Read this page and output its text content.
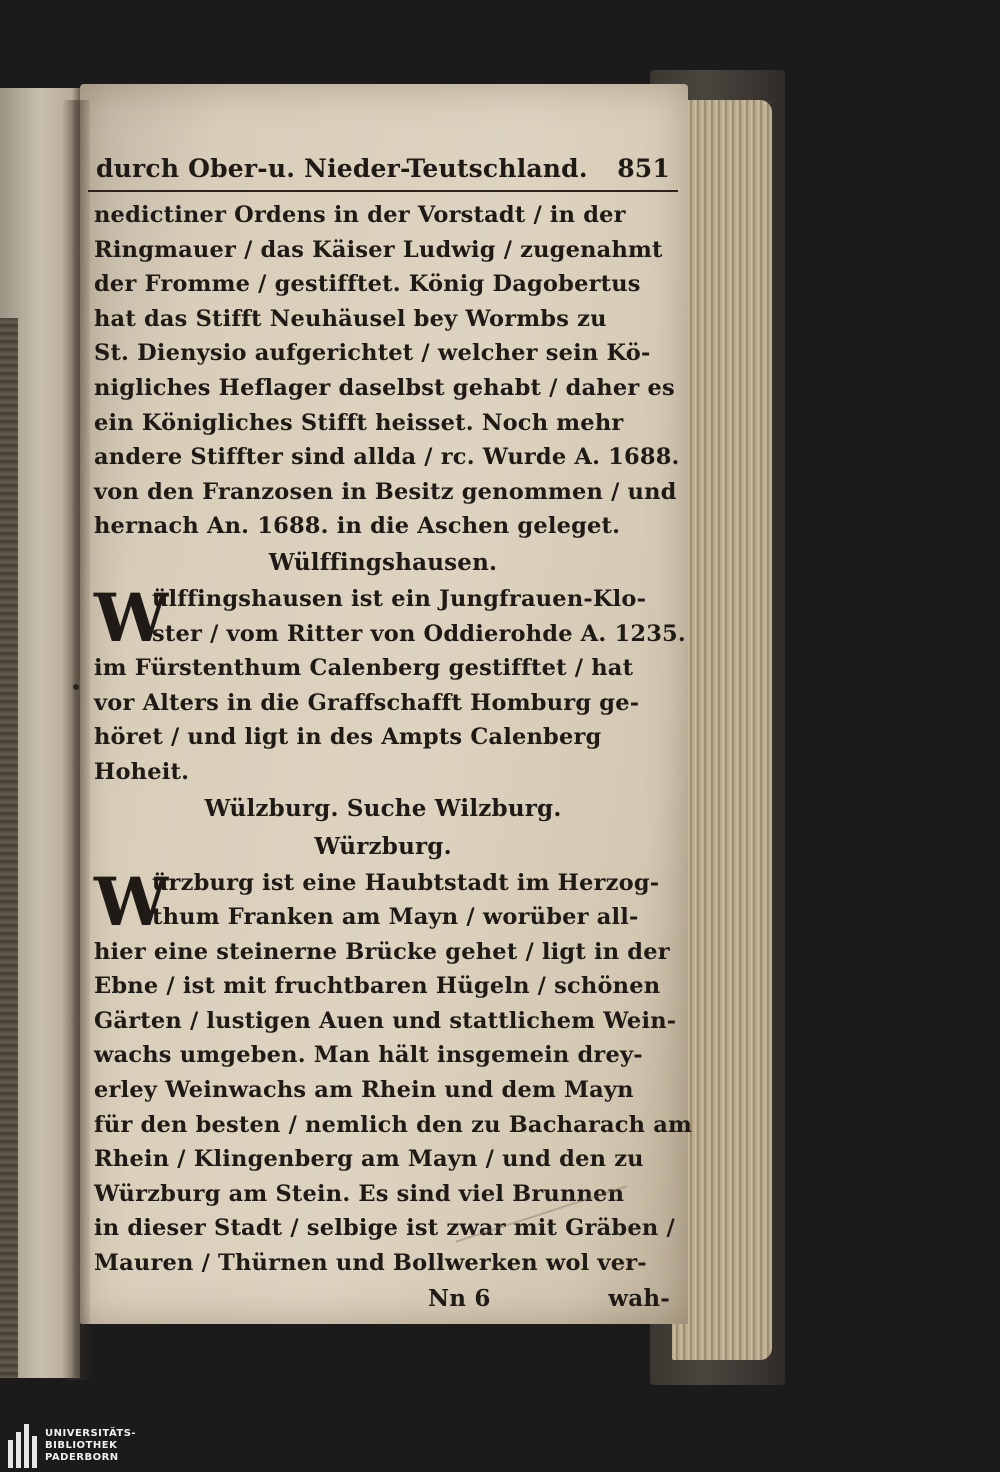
durch Ober-u. Nieder-Teutschland. 851
nedictiner Ordens in der Vorstadt / in der
Ringmauer / das Käiser Ludwig / zugenahmt
der Fromme / gestifftet. König Dagobertus
hat das Stifft Neuhäusel bey Wormbs zu
St. Dienysio aufgerichtet / welcher sein Kö-
nigliches Heflager daselbst gehabt / daher es
ein Königliches Stifft heisset. Noch mehr
andere Stiffter sind allda / rc. Wurde A. 1688.
von den Franzosen in Besitz genommen / und
hernach An. 1688. in die Aschen geleget.
Wülffingshausen.
W
ülffingshausen ist ein Jungfrauen-Klo-
ster / vom Ritter von Oddierohde A. 1235.
im Fürstenthum Calenberg gestifftet / hat
vor Alters in die Graffschafft Homburg ge-
höret / und ligt in des Ampts Calenberg
Hoheit.
Wülzburg. Suche Wilzburg.
Würzburg.
W
ürzburg ist eine Haubtstadt im Herzog-
thum Franken am Mayn / worüber all-
hier eine steinerne Brücke gehet / ligt in der
Ebne / ist mit fruchtbaren Hügeln / schönen
Gärten / lustigen Auen und stattlichem Wein-
wachs umgeben. Man hält insgemein drey-
erley Weinwachs am Rhein und dem Mayn
für den besten / nemlich den zu Bacharach am
Rhein / Klingenberg am Mayn / und den zu
Würzburg am Stein. Es sind viel Brunnen
in dieser Stadt / selbige ist zwar mit Gräben /
Mauren / Thürnen und Bollwerken wol ver-
Nn 6	wah-
UNIVERSITÄTS-
BIBLIOTHEK
PADERBORN
